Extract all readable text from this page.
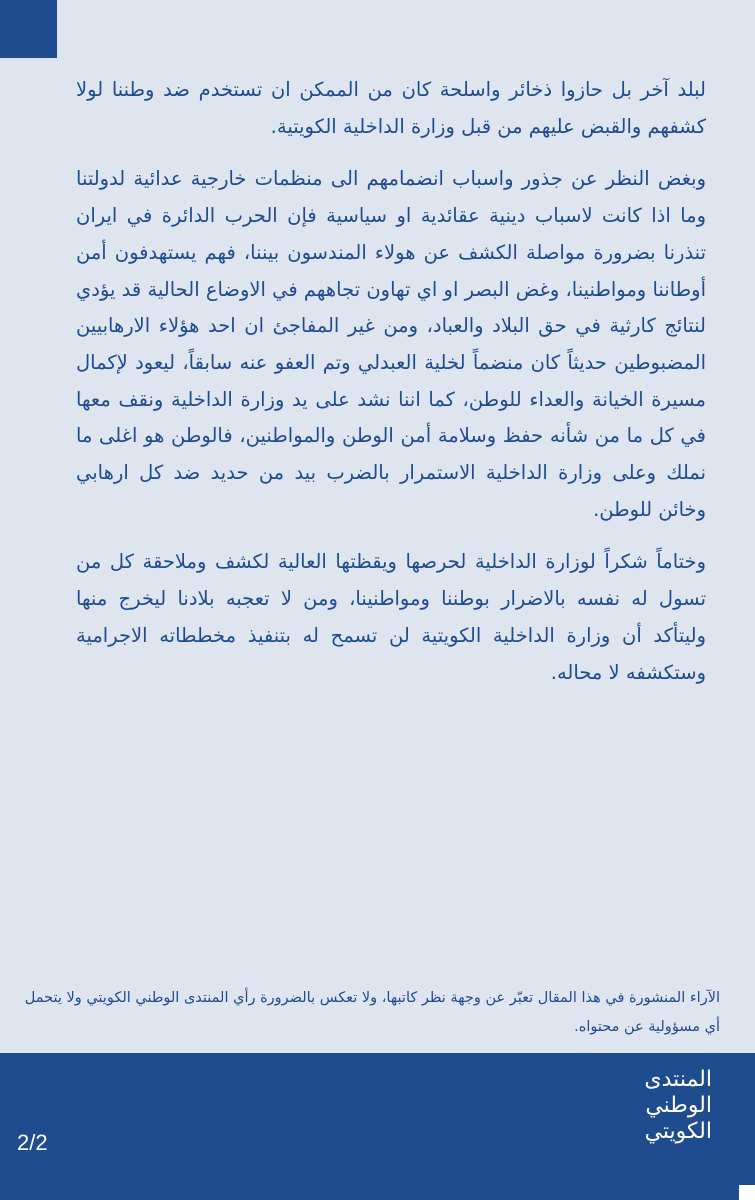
لبلد آخر بل حازوا ذخائر واسلحة كان من الممكن ان تستخدم ضد وطننا لولا كشفهم والقبض عليهم من قبل وزارة الداخلية الكويتية.

وبغض النظر عن جذور واسباب انضمامهم الى منظمات خارجية عدائية لدولتنا وما اذا كانت لاسباب دينية عقائدية او سياسية فإن الحرب الدائرة في ايران تنذرنا بضرورة مواصلة الكشف عن هولاء المندسون بيننا، فهم يستهدفون أمن أوطاننا ومواطنينا، وغض البصر او اي تهاون تجاههم في الاوضاع الحالية قد يؤدي لنتائج كارثية في حق البلاد والعباد، ومن غير المفاجئ ان احد هؤلاء الارهابيين المضبوطين حديثاً كان منضماً لخلية العبدلي وتم العفو عنه سابقاً، ليعود لإكمال مسيرة الخيانة والعداء للوطن، كما اننا نشد على يد وزارة الداخلية ونقف معها في كل ما من شأنه حفظ وسلامة أمن الوطن والمواطنين، فالوطن هو اغلى ما نملك وعلى وزارة الداخلية الاستمرار بالضرب بيد من حديد ضد كل ارهابي وخائن للوطن.

وختاماً شكراً لوزارة الداخلية لحرصها ويقظتها العالية لكشف وملاحقة كل من تسول له نفسه بالاضرار بوطننا ومواطنينا، ومن لا تعجبه بلادنا ليخرج منها وليتأكد أن وزارة الداخلية الكويتية لن تسمح له بتنفيذ مخططاته الاجرامية وستكشفه لا محاله.

الآراء المنشورة في هذا المقال تعبّر عن وجهة نظر كاتبها، ولا تعكس بالضرورة رأي المنتدى الوطني الكويتي ولا يتحمل أي مسؤولية عن محتواه.
2/2
المنتدى
الوطني
الكويتي
